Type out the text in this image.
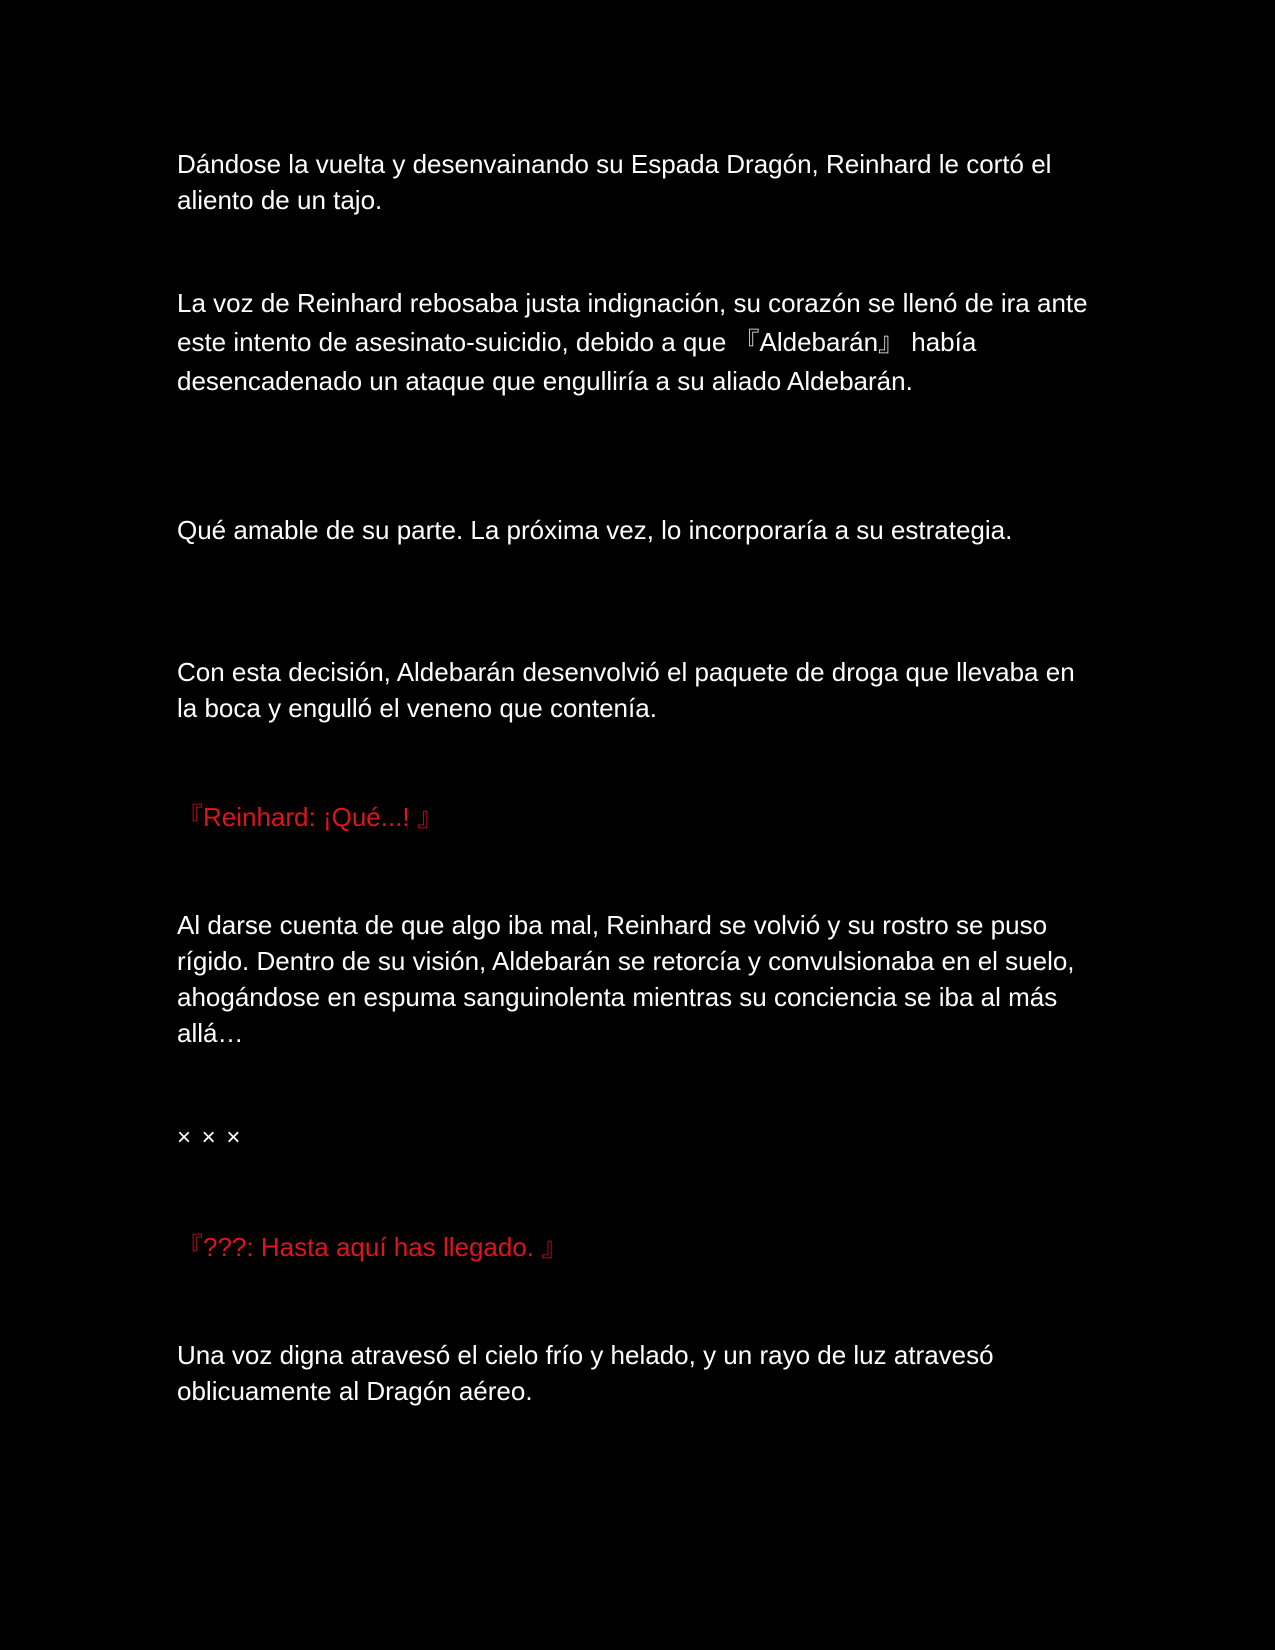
Dándose la vuelta y desenvainando su Espada Dragón, Reinhard le cortó el aliento de un tajo.

La voz de Reinhard rebosaba justa indignación, su corazón se llenó de ira ante este intento de asesinato-suicidio, debido a que 『Aldebarán』 había desencadenado un ataque que engulliría a su aliado Aldebarán.

Qué amable de su parte. La próxima vez, lo incorporaría a su estrategia.

Con esta decisión, Aldebarán desenvolvió el paquete de droga que llevaba en la boca y engulló el veneno que contenía.

『Reinhard: ¡Qué...! 』

Al darse cuenta de que algo iba mal, Reinhard se volvió y su rostro se puso rígido. Dentro de su visión, Aldebarán se retorcía y convulsionaba en el suelo, ahogándose en espuma sanguinolenta mientras su conciencia se iba al más allá…

× × ×

『???: Hasta aquí has llegado. 』

Una voz digna atravesó el cielo frío y helado, y un rayo de luz atravesó oblicuamente al Dragón aéreo.
